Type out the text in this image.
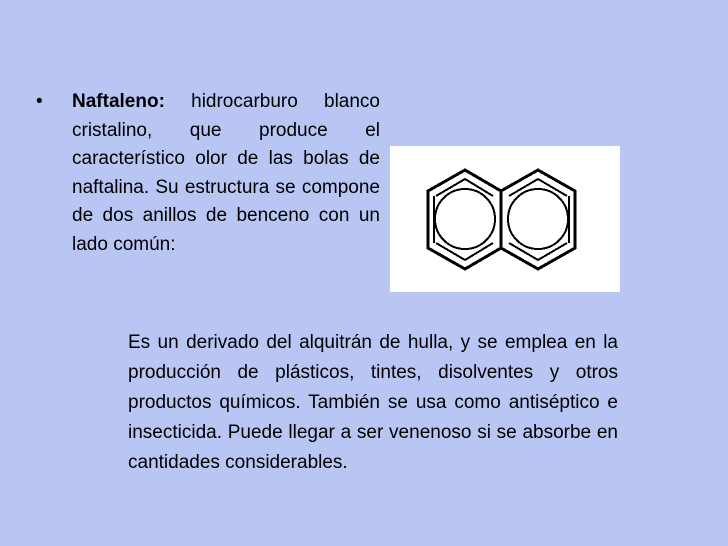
• Naftaleno: hidrocarburo blanco cristalino, que produce el característico olor de las bolas de naftalina. Su estructura se compone de dos anillos de benceno con un lado común:
Es un derivado del alquitrán de hulla, y se emplea en la producción de plásticos, tintes, disolventes y otros productos químicos. También se usa como antiséptico e insecticida. Puede llegar a ser venenoso si se absorbe en cantidades considerables.
